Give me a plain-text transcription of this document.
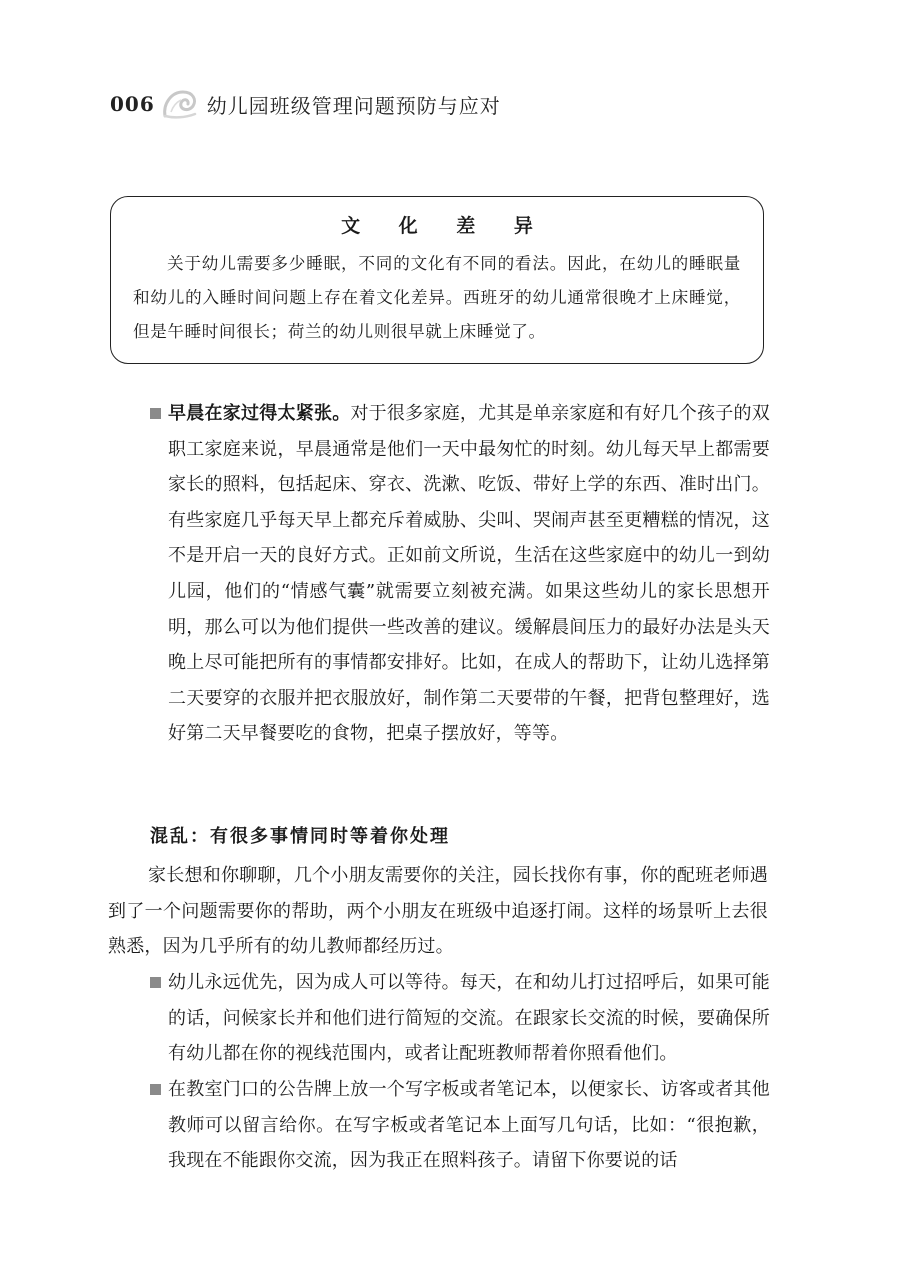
006	幼儿园班级管理问题预防与应对
文 化 差 异

关于幼儿需要多少睡眠，不同的文化有不同的看法。因此，在幼儿的睡眠量和幼儿的入睡时间问题上存在着文化差异。西班牙的幼儿通常很晚才上床睡觉，但是午睡时间很长；荷兰的幼儿则很早就上床睡觉了。

早晨在家过得太紧张。对于很多家庭，尤其是单亲家庭和有好几个孩子的双职工家庭来说，早晨通常是他们一天中最匆忙的时刻。幼儿每天早上都需要家长的照料，包括起床、穿衣、洗漱、吃饭、带好上学的东西、准时出门。有些家庭几乎每天早上都充斥着威胁、尖叫、哭闹声甚至更糟糕的情况，这不是开启一天的良好方式。正如前文所说，生活在这些家庭中的幼儿一到幼儿园，他们的“情感气囊”就需要立刻被充满。如果这些幼儿的家长思想开明，那么可以为他们提供一些改善的建议。缓解晨间压力的最好办法是头天晚上尽可能把所有的事情都安排好。比如，在成人的帮助下，让幼儿选择第二天要穿的衣服并把衣服放好，制作第二天要带的午餐，把背包整理好，选好第二天早餐要吃的食物，把桌子摆放好，等等。

混乱：有很多事情同时等着你处理

家长想和你聊聊，几个小朋友需要你的关注，园长找你有事，你的配班老师遇到了一个问题需要你的帮助，两个小朋友在班级中追逐打闹。这样的场景听上去很熟悉，因为几乎所有的幼儿教师都经历过。

幼儿永远优先，因为成人可以等待。每天，在和幼儿打过招呼后，如果可能的话，问候家长并和他们进行简短的交流。在跟家长交流的时候，要确保所有幼儿都在你的视线范围内，或者让配班教师帮着你照看他们。

在教室门口的公告牌上放一个写字板或者笔记本，以便家长、访客或者其他教师可以留言给你。在写字板或者笔记本上面写几句话，比如：“很抱歉，我现在不能跟你交流，因为我正在照料孩子。请留下你要说的话
